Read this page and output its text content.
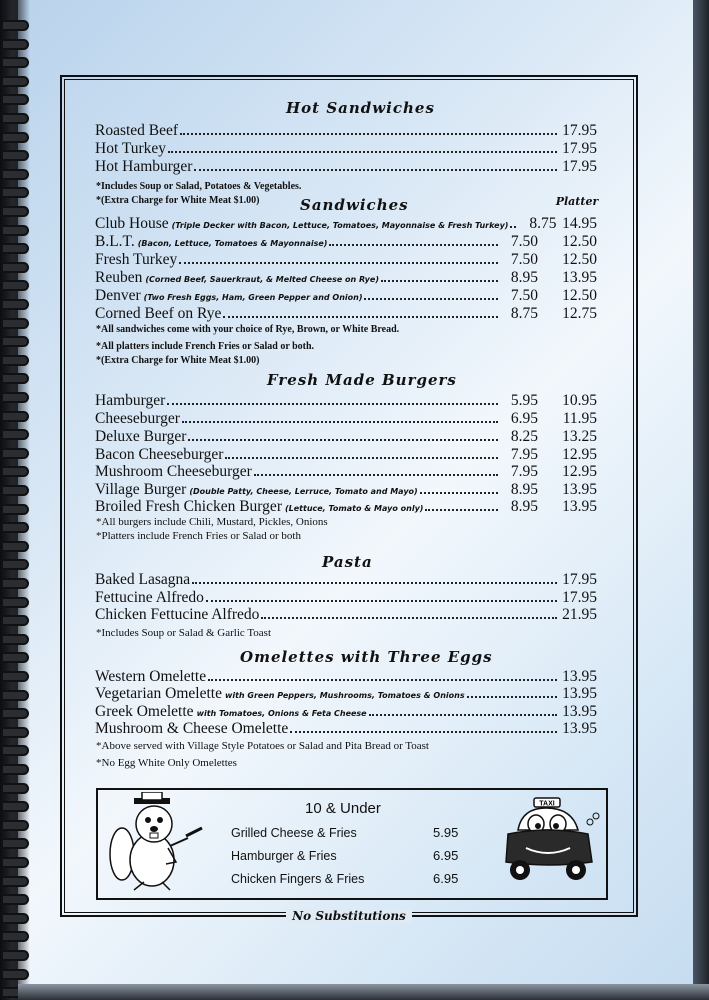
Hot Sandwiches
Roasted Beef	17.95
Hot Turkey	17.95
Hot Hamburger	17.95
*Includes Soup or Salad, Potatoes & Vegetables.
*(Extra Charge for White Meat $1.00)	Sandwiches	Platter
Club House (Triple Decker with Bacon, Lettuce, Tomatoes, Mayonnaise & Fresh Turkey)	8.75 14.95
B.L.T. (Bacon, Lettuce, Tomatoes & Mayonnaise)	7.50	12.50
Fresh Turkey	7.50	12.50
Reuben (Corned Beef, Sauerkraut, & Melted Cheese on Rye)	8.95	13.95
Denver (Two Fresh Eggs, Ham, Green Pepper and Onion)	7.50	12.50
Corned Beef on Rye	8.75	12.75
*All sandwiches come with your choice of Rye, Brown, or White Bread.
*All platters include French Fries or Salad or both.
*(Extra Charge for White Meat $1.00)
Fresh Made Burgers
Hamburger	5.95	10.95
Cheeseburger	6.95	11.95
Deluxe Burger	8.25	13.25
Bacon Cheeseburger	7.95	12.95
Mushroom Cheeseburger	7.95	12.95
Village Burger (Double Patty, Cheese, Lerruce, Tomato and Mayo)	8.95	13.95
Broiled Fresh Chicken Burger (Lettuce, Tomato & Mayo only)	8.95	13.95
*All burgers include Chili, Mustard, Pickles, Onions
*Platters include French Fries or Salad or both
Pasta
Baked Lasagna	17.95
Fettucine Alfredo	17.95
Chicken Fettucine Alfredo	21.95
*Includes Soup or Salad & Garlic Toast
Omelettes with Three Eggs
Western Omelette	13.95
Vegetarian Omelette with Green Peppers, Mushrooms, Tomatoes & Onions	13.95
Greek Omelette with Tomatoes, Onions & Feta Cheese	13.95
Mushroom & Cheese Omelette	13.95
*Above served with Village Style Potatoes or Salad and Pita Bread or Toast
*No Egg White Only Omelettes
10 & Under
Grilled Cheese & Fries	5.95
Hamburger & Fries	6.95
Chicken Fingers & Fries	6.95
TAXI
No Substitutions
